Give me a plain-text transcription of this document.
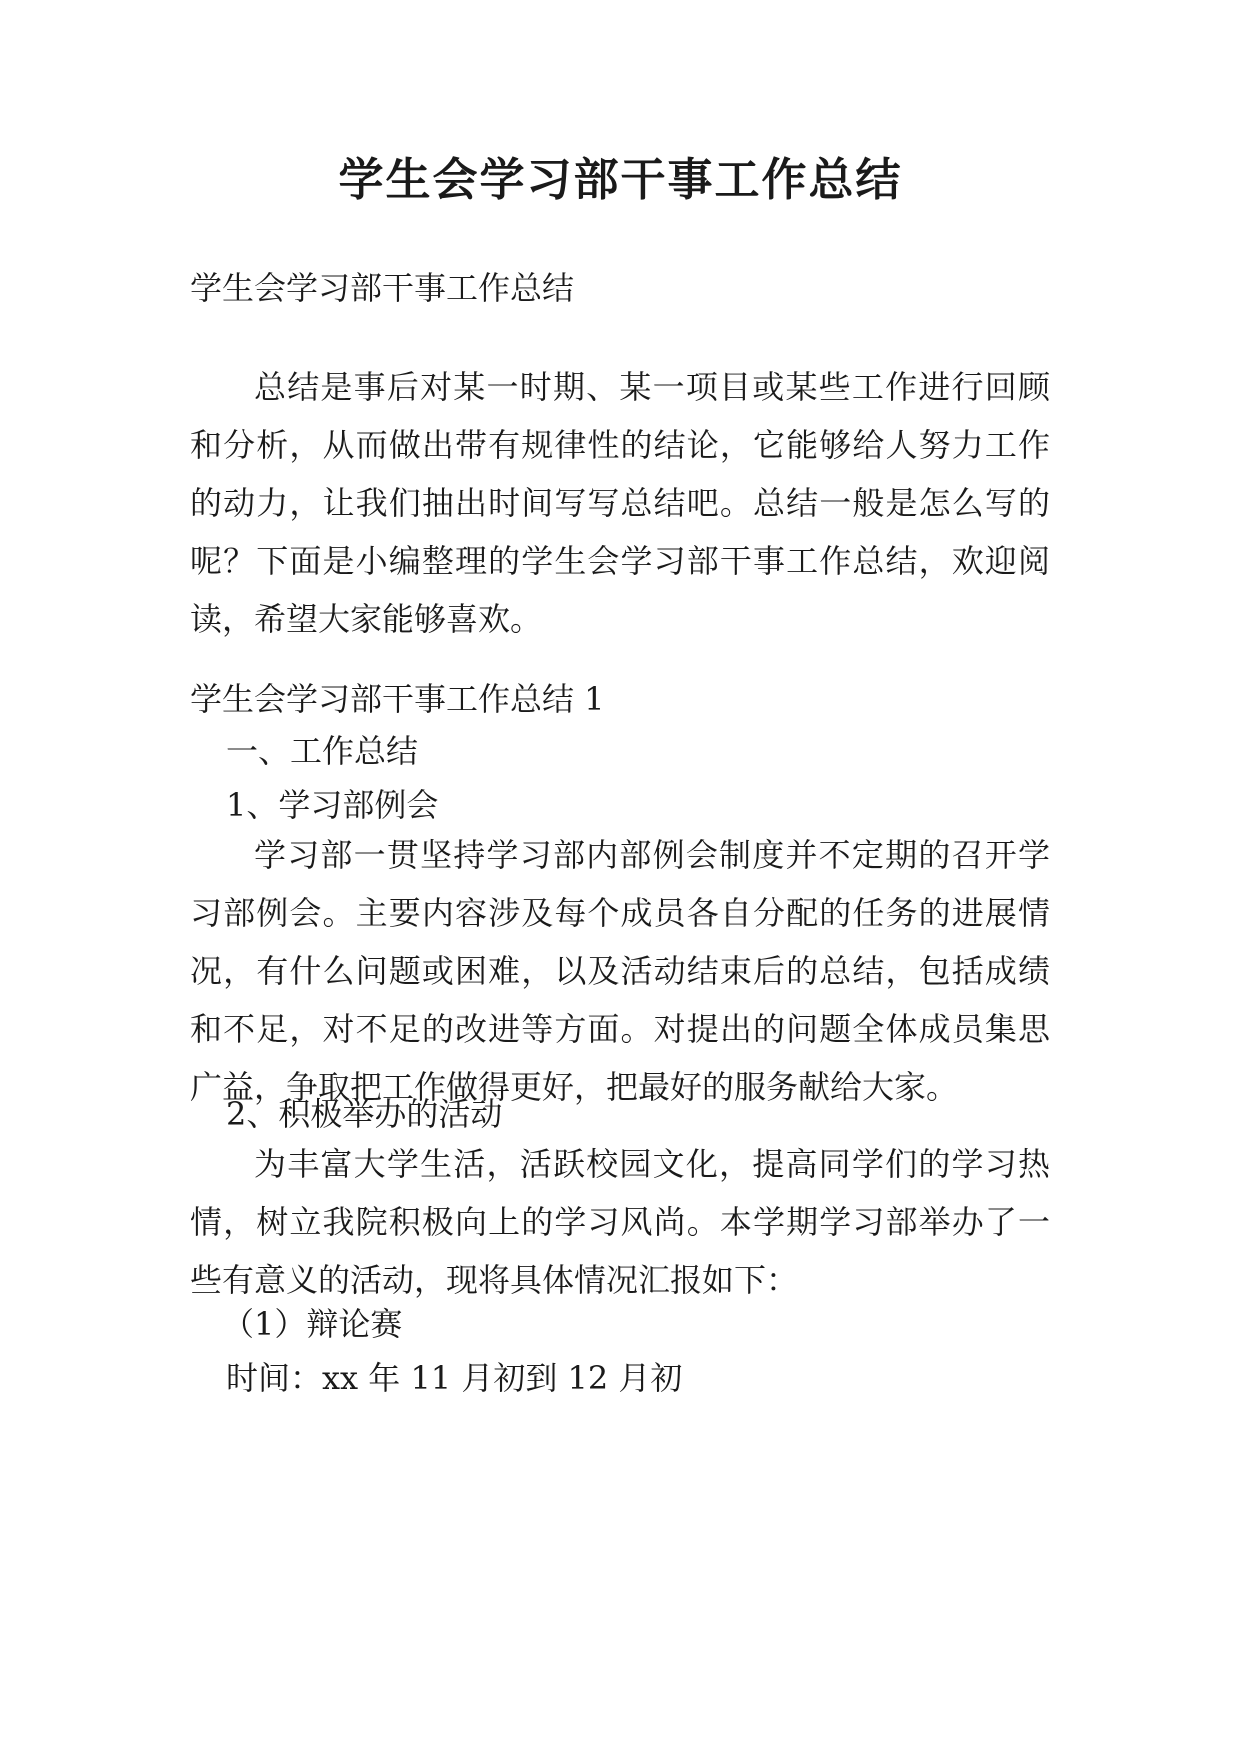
学生会学习部干事工作总结

学生会学习部干事工作总结

总结是事后对某一时期、某一项目或某些工作进行回顾和分析，从而做出带有规律性的结论，它能够给人努力工作的动力，让我们抽出时间写写总结吧。总结一般是怎么写的呢？下面是小编整理的学生会学习部干事工作总结，欢迎阅读，希望大家能够喜欢。

学生会学习部干事工作总结 1

一、工作总结

1、学习部例会

学习部一贯坚持学习部内部例会制度并不定期的召开学习部例会。主要内容涉及每个成员各自分配的任务的进展情况，有什么问题或困难，以及活动结束后的总结，包括成绩和不足，对不足的改进等方面。对提出的问题全体成员集思广益，争取把工作做得更好，把最好的服务献给大家。

2、积极举办的活动

为丰富大学生活，活跃校园文化，提高同学们的学习热情，树立我院积极向上的学习风尚。本学期学习部举办了一些有意义的活动，现将具体情况汇报如下：

（1）辩论赛

时间：xx 年 11 月初到 12 月初
